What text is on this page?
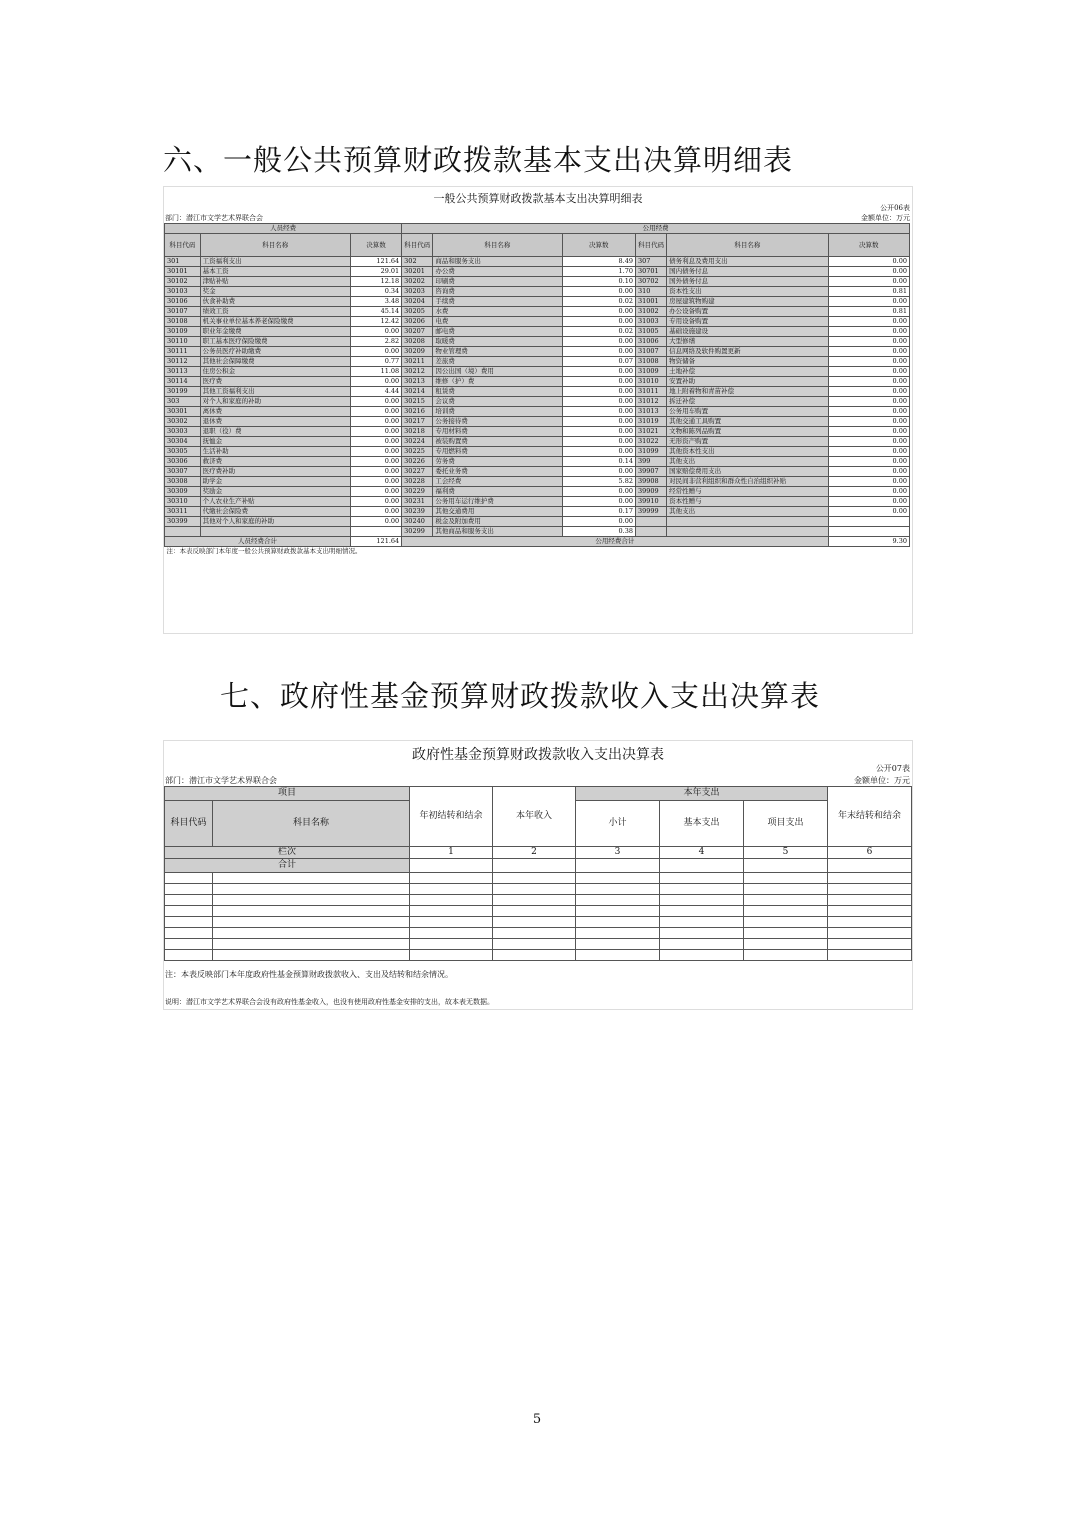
六、一般公共预算财政拨款基本支出决算明细表
一般公共预算财政拨款基本支出决算明细表
公开06表
部门：潜江市文学艺术界联合会	金额单位：万元
人员经费			公用经费					
科目代码	科目名称	决算数	科目代码	科目名称	决算数	科目代码	科目名称	决算数
301	工资福利支出	121.64	302	商品和服务支出	8.49	307	债务利息及费用支出	0.00
30101	基本工资	29.01	30201	办公费	1.70	30701	国内债务付息	0.00
30102	津贴补贴	12.18	30202	印刷费	0.10	30702	国外债务付息	0.00
30103	奖金	0.34	30203	咨询费	0.00	310	资本性支出	0.81
30106	伙食补助费	3.48	30204	手续费	0.02	31001	房屋建筑物购建	0.00
30107	绩效工资	45.14	30205	水费	0.00	31002	办公设备购置	0.81
30108	机关事业单位基本养老保险缴费	12.42	30206	电费	0.00	31003	专用设备购置	0.00
30109	职业年金缴费	0.00	30207	邮电费	0.02	31005	基础设施建设	0.00
30110	职工基本医疗保险缴费	2.82	30208	取暖费	0.00	31006	大型修缮	0.00
30111	公务员医疗补助缴费	0.00	30209	物业管理费	0.00	31007	信息网络及软件购置更新	0.00
30112	其他社会保障缴费	0.77	30211	差旅费	0.07	31008	物资储备	0.00
30113	住房公积金	11.08	30212	因公出国（境）费用	0.00	31009	土地补偿	0.00
30114	医疗费	0.00	30213	维修（护）费	0.00	31010	安置补助	0.00
30199	其他工资福利支出	4.44	30214	租赁费	0.00	31011	地上附着物和青苗补偿	0.00
303	对个人和家庭的补助	0.00	30215	会议费	0.00	31012	拆迁补偿	0.00
30301	离休费	0.00	30216	培训费	0.00	31013	公务用车购置	0.00
30302	退休费	0.00	30217	公务接待费	0.00	31019	其他交通工具购置	0.00
30303	退职（役）费	0.00	30218	专用材料费	0.00	31021	文物和陈列品购置	0.00
30304	抚恤金	0.00	30224	被装购置费	0.00	31022	无形资产购置	0.00
30305	生活补助	0.00	30225	专用燃料费	0.00	31099	其他资本性支出	0.00
30306	救济费	0.00	30226	劳务费	0.14	399	其他支出	0.00
30307	医疗费补助	0.00	30227	委托业务费	0.00	39907	国家赔偿费用支出	0.00
30308	助学金	0.00	30228	工会经费	5.82	39908	对民间非营利组织和群众性自治组织补贴	0.00
30309	奖励金	0.00	30229	福利费	0.00	39909	经常性赠与	0.00
30310	个人农业生产补贴	0.00	30231	公务用车运行维护费	0.00	39910	资本性赠与	0.00
30311	代缴社会保险费	0.00	30239	其他交通费用	0.17	39999	其他支出	0.00
30399	其他对个人和家庭的补助	0.00	30240	税金及附加费用	0.00			
			30299	其他商品和服务支出	0.38			
人员经费合计		121.64	公用经费合计					9.30
注：本表反映部门本年度一般公共预算财政拨款基本支出明细情况。								
七、政府性基金预算财政拨款收入支出决算表
政府性基金预算财政拨款收入支出决算表
公开07表
部门：潜江市文学艺术界联合会	金额单位：万元
项目		年初结转和结余	本年收入	本年支出			年末结转和结余
科目代码	科目名称			小计	基本支出	项目支出	
栏次		1	2	3	4	5	6
合计							

注：本表反映部门本年度政府性基金预算财政拨款收入、支出及结转和结余情况。
说明：潜江市文学艺术界联合会没有政府性基金收入，也没有使用政府性基金安排的支出，故本表无数据。
5
